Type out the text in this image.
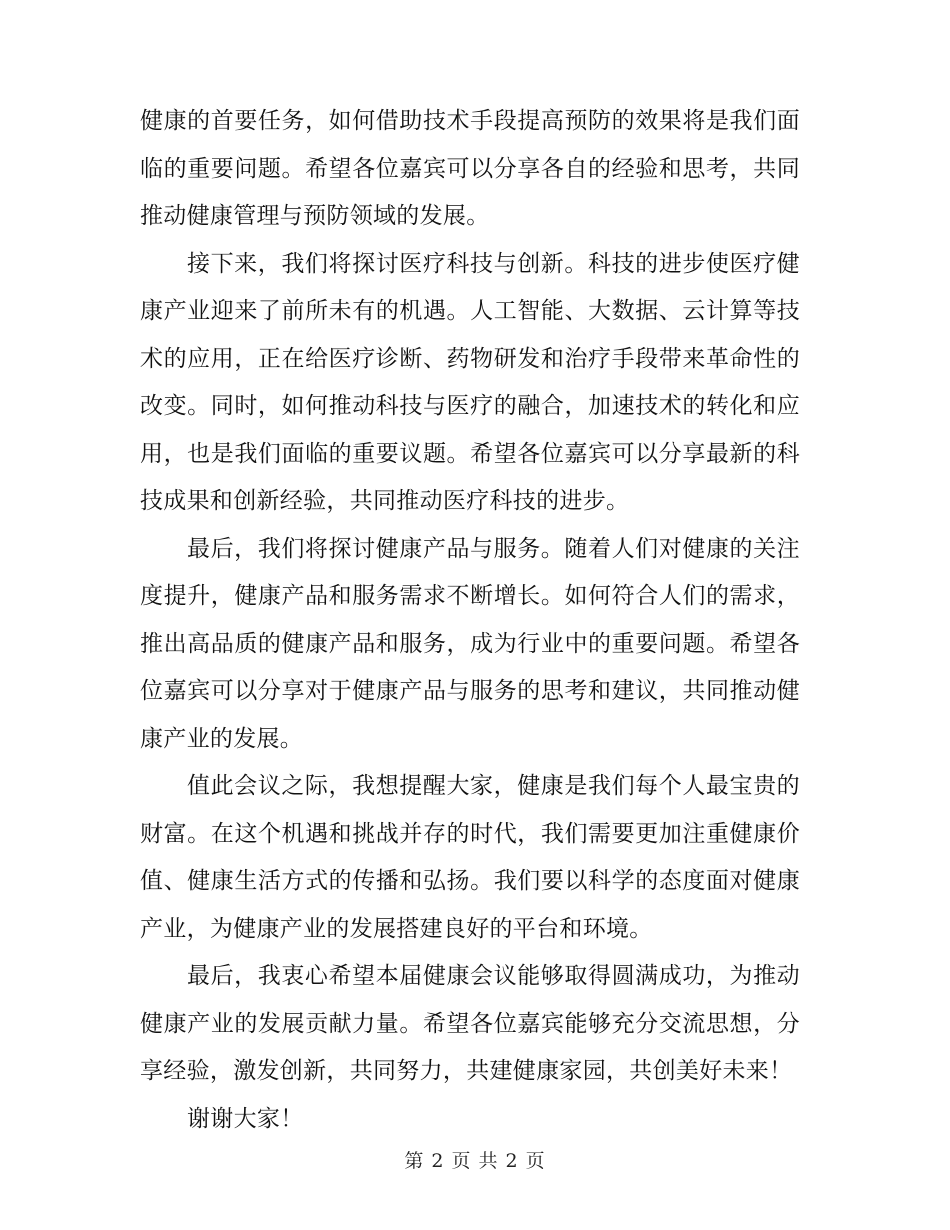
健康的首要任务，如何借助技术手段提高预防的效果将是我们面临的重要问题。希望各位嘉宾可以分享各自的经验和思考，共同推动健康管理与预防领域的发展。

接下来，我们将探讨医疗科技与创新。科技的进步使医疗健康产业迎来了前所未有的机遇。人工智能、大数据、云计算等技术的应用，正在给医疗诊断、药物研发和治疗手段带来革命性的改变。同时，如何推动科技与医疗的融合，加速技术的转化和应用，也是我们面临的重要议题。希望各位嘉宾可以分享最新的科技成果和创新经验，共同推动医疗科技的进步。

最后，我们将探讨健康产品与服务。随着人们对健康的关注度提升，健康产品和服务需求不断增长。如何符合人们的需求，推出高品质的健康产品和服务，成为行业中的重要问题。希望各位嘉宾可以分享对于健康产品与服务的思考和建议，共同推动健康产业的发展。

值此会议之际，我想提醒大家，健康是我们每个人最宝贵的财富。在这个机遇和挑战并存的时代，我们需要更加注重健康价值、健康生活方式的传播和弘扬。我们要以科学的态度面对健康产业，为健康产业的发展搭建良好的平台和环境。

最后，我衷心希望本届健康会议能够取得圆满成功，为推动健康产业的发展贡献力量。希望各位嘉宾能够充分交流思想，分享经验，激发创新，共同努力，共建健康家园，共创美好未来！

谢谢大家！

第 2 页 共 2 页
